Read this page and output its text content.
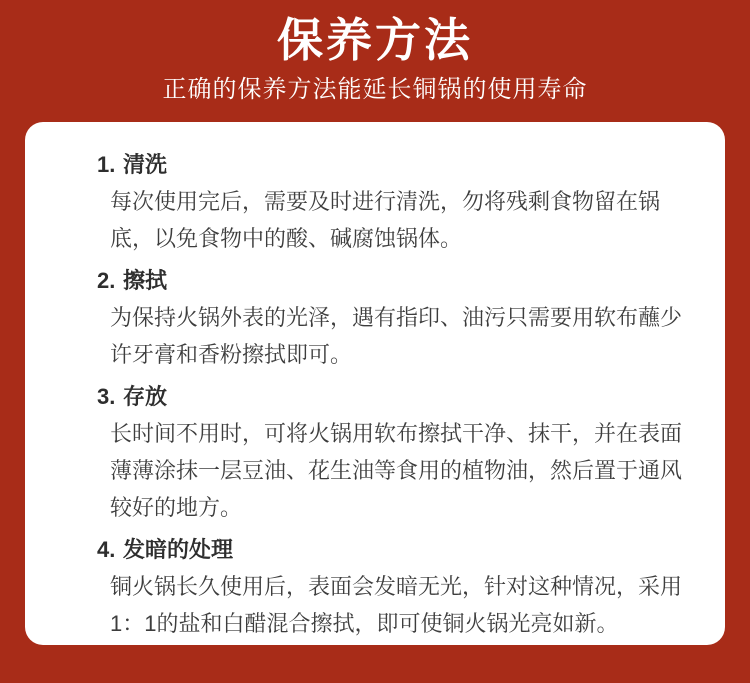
保养方法

正确的保养方法能延长铜锅的使用寿命

1. 清洗

每次使用完后，需要及时进行清洗，勿将残剩食物留在锅底，以免食物中的酸、碱腐蚀锅体。

2. 擦拭

为保持火锅外表的光泽，遇有指印、油污只需要用软布蘸少许牙膏和香粉擦拭即可。

3. 存放

长时间不用时，可将火锅用软布擦拭干净、抹干，并在表面薄薄涂抹一层豆油、花生油等食用的植物油，然后置于通风较好的地方。

4. 发暗的处理

铜火锅长久使用后，表面会发暗无光，针对这种情况，采用1：1的盐和白醋混合擦拭，即可使铜火锅光亮如新。
